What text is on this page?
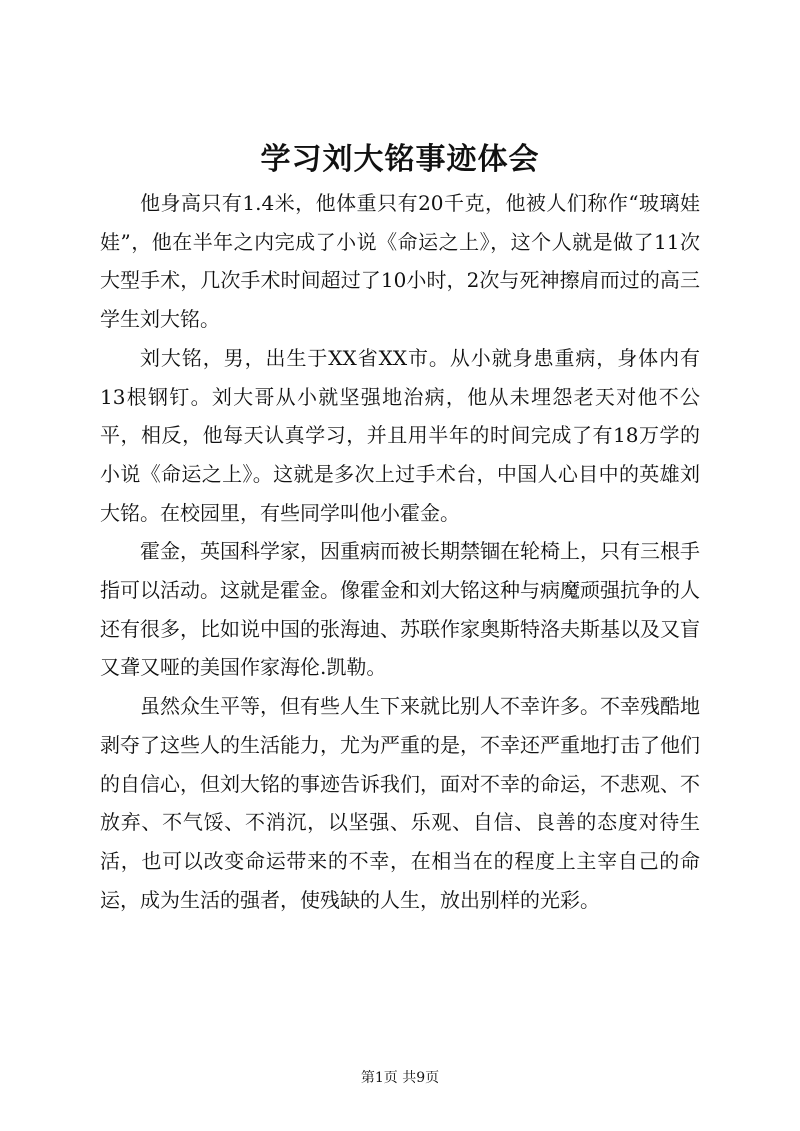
学习刘大铭事迹体会

他身高只有1.4米，他体重只有20千克，他被人们称作“玻璃娃娃”，他在半年之内完成了小说《命运之上》，这个人就是做了11次大型手术，几次手术时间超过了10小时，2次与死神擦肩而过的高三学生刘大铭。

刘大铭，男，出生于XX省XX市。从小就身患重病，身体内有13根钢钉。刘大哥从小就坚强地治病，他从未埋怨老天对他不公平，相反，他每天认真学习，并且用半年的时间完成了有18万学的小说《命运之上》。这就是多次上过手术台，中国人心目中的英雄刘大铭。在校园里，有些同学叫他小霍金。

霍金，英国科学家，因重病而被长期禁锢在轮椅上，只有三根手指可以活动。这就是霍金。像霍金和刘大铭这种与病魔顽强抗争的人还有很多，比如说中国的张海迪、苏联作家奥斯特洛夫斯基以及又盲又聋又哑的美国作家海伦.凯勒。

虽然众生平等，但有些人生下来就比别人不幸许多。不幸残酷地剥夺了这些人的生活能力，尤为严重的是，不幸还严重地打击了他们的自信心，但刘大铭的事迹告诉我们，面对不幸的命运，不悲观、不放弃、不气馁、不消沉，以坚强、乐观、自信、良善的态度对待生活，也可以改变命运带来的不幸，在相当在的程度上主宰自己的命运，成为生活的强者，使残缺的人生，放出别样的光彩。

第1页 共9页
